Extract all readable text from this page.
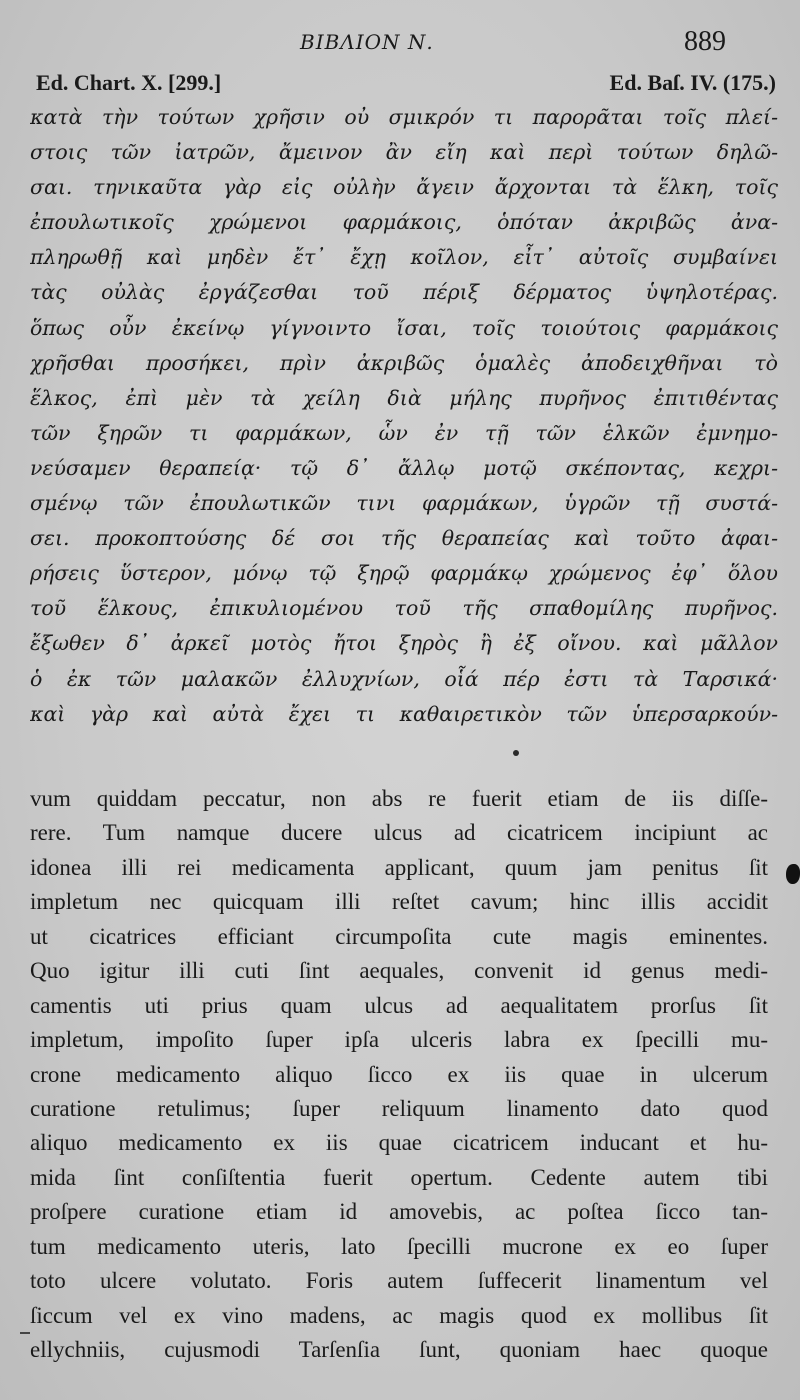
BIBΛIOΝ Ν.	889
Ed. Chart. X. [299.]	Ed. Baſ. IV. (175.)
κατὰ τὴν τούτων χρῆσιν οὐ σμικρόν τι παρορᾶται τοῖς πλεί-
στοις τῶν ἰατρῶν, ἄμεινον ἂν εἴη καὶ περὶ τούτων δηλῶ-
σαι. τηνικαῦτα γὰρ εἰς οὐλὴν ἄγειν ἄρχονται τὰ ἕλκη, τοῖς
ἐπουλωτικοῖς χρώμενοι φαρμάκοις, ὁπόταν ἀκριβῶς ἀνα-
πληρωθῇ καὶ μηδὲν ἔτ᾽ ἔχῃ κοῖλον, εἶτ᾽ αὐτοῖς συμβαίνει
τὰς οὐλὰς ἐργάζεσθαι τοῦ πέριξ δέρματος ὑψηλοτέρας.
ὅπως οὖν ἐκείνῳ γίγνοιντο ἴσαι, τοῖς τοιούτοις φαρμάκοις
χρῆσθαι προσήκει, πρὶν ἀκριβῶς ὁμαλὲς ἀποδειχθῆναι τὸ
ἕλκος, ἐπὶ μὲν τὰ χείλη διὰ μήλης πυρῆνος ἐπιτιθέντας
τῶν ξηρῶν τι φαρμάκων, ὧν ἐν τῇ τῶν ἑλκῶν ἐμνημο-
νεύσαμεν θεραπείᾳ· τῷ δ᾽ ἄλλῳ μοτῷ σκέποντας, κεχρι-
σμένῳ τῶν ἐπουλωτικῶν τινι φαρμάκων, ὑγρῶν τῇ συστά-
σει. προκοπτούσης δέ σοι τῆς θεραπείας καὶ τοῦτο ἀφαι-
ρήσεις ὕστερον, μόνῳ τῷ ξηρῷ φαρμάκῳ χρώμενος ἐφ᾽ ὅλου
τοῦ ἕλκους, ἐπικυλιομένου τοῦ τῆς σπαθομίλης πυρῆνος.
ἔξωθεν δ᾽ ἀρκεῖ μοτὸς ἤτοι ξηρὸς ἢ ἐξ οἴνου. καὶ μᾶλλον
ὁ ἐκ τῶν μαλακῶν ἐλλυχνίων, οἷά πέρ ἐστι τὰ Ταρσικά·
καὶ γὰρ καὶ αὐτὰ ἔχει τι καθαιρετικὸν τῶν ὑπερσαρκούν-
vum quiddam peccatur, non abs re fuerit etiam de iis diſſe-
rere. Tum namque ducere ulcus ad cicatricem incipiunt ac
idonea illi rei medicamenta applicant, quum jam penitus ſit
impletum nec quicquam illi reſtet cavum; hinc illis accidit
ut cicatrices efficiant circumpoſita cute magis eminentes.
Quo igitur illi cuti ſint aequales, convenit id genus medi-
camentis uti prius quam ulcus ad aequalitatem prorſus ſit
impletum, impoſito ſuper ipſa ulceris labra ex ſpecilli mu-
crone medicamento aliquo ſicco ex iis quae in ulcerum
curatione retulimus; ſuper reliquum linamento dato quod
aliquo medicamento ex iis quae cicatricem inducant et hu-
mida ſint conſiſtentia fuerit opertum. Cedente autem tibi
proſpere curatione etiam id amovebis, ac poſtea ſicco tan-
tum medicamento uteris, lato ſpecilli mucrone ex eo ſuper
toto ulcere volutato. Foris autem ſuffecerit linamentum vel
ſiccum vel ex vino madens, ac magis quod ex mollibus ſit
ellychniis, cujusmodi Tarſenſia ſunt, quoniam haec quoque
